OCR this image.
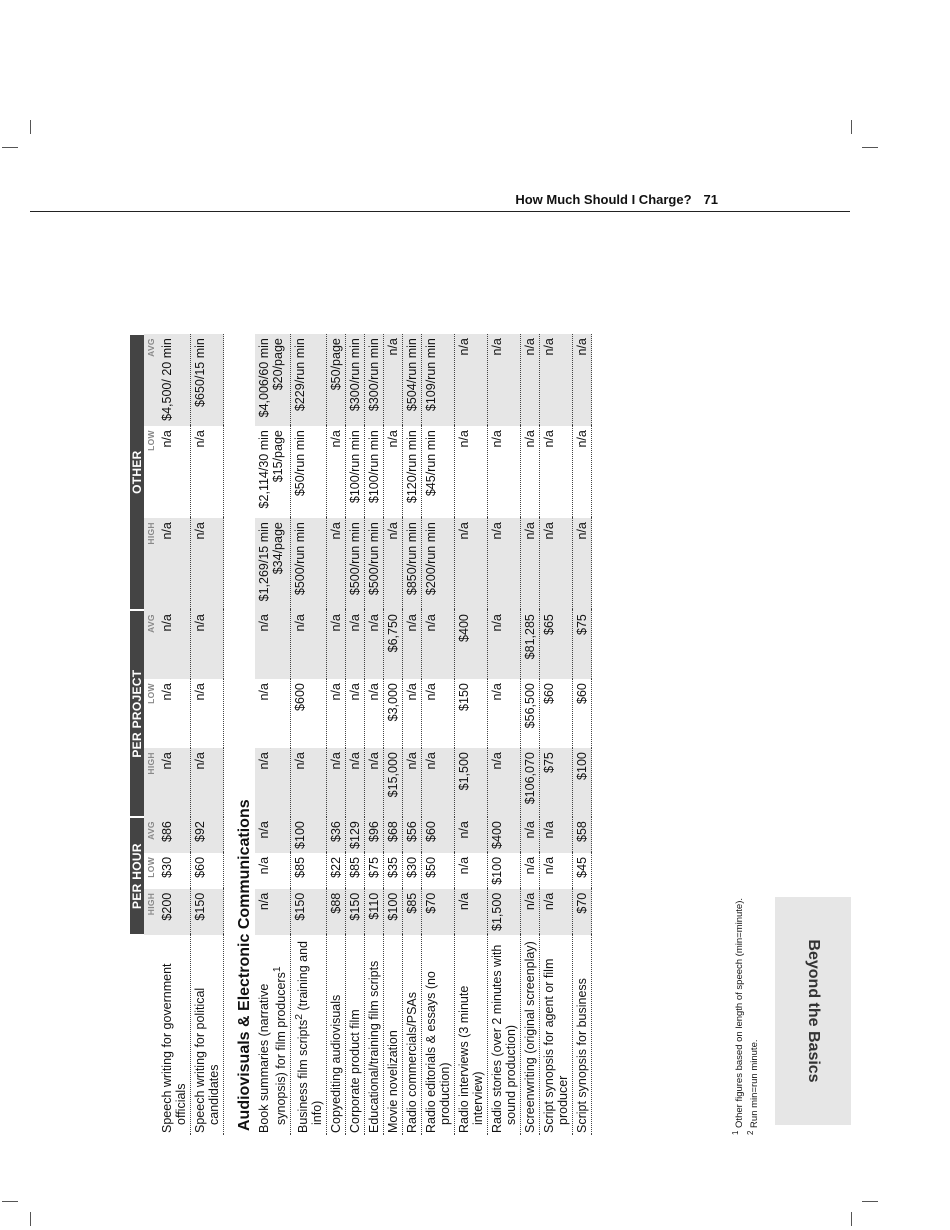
How Much Should I Charge? 71
Beyond the Basics
	PER HOUR			PER PROJECT			OTHER		
	HIGH	LOW	AVG	HIGH	LOW	AVG	HIGH	LOW	AVG
Speech writing for government officials	$200	$30	$86	n/a	n/a	n/a	n/a	n/a	$4,500/ 20 min
Speech writing for political candidates	$150	$60	$92	n/a	n/a	n/a	n/a	n/a	$650/15 min
Audiovisuals & Electronic Communications									
Book summaries (narrative synopsis) for film producers$^1$	n/a	n/a	n/a	n/a	n/a	n/a	$1,269/15 min $34/page	$2,114/30 min $15/page	$4,006/60 min $20/page
Business film scripts$^2$ (training and info)	$150	$85	$100	n/a	$600	n/a	$500/run min	$50/run min	$229/run min
Copyediting audiovisuals	$88	$22	$36	n/a	n/a	n/a	n/a	n/a	$50/page
Corporate product film	$150	$85	$129	n/a	n/a	n/a	$500/run min	$100/run min	$300/run min
Educational/training film scripts	$110	$75	$96	n/a	n/a	n/a	$500/run min	$100/run min	$300/run min
Movie novelization	$100	$35	$68	$15,000	$3,000	$6,750	n/a	n/a	n/a
Radio commercials/PSAs	$85	$30	$56	n/a	n/a	n/a	$850/run min	$120/run min	$504/run min
Radio editorials & essays (no production)	$70	$50	$60	n/a	n/a	n/a	$200/run min	$45/run min	$109/run min
Radio interviews (3 minute interview)	n/a	n/a	n/a	$1,500	$150	$400	n/a	n/a	n/a
Radio stories (over 2 minutes with sound production)	$1,500	$100	$400	n/a	n/a	n/a	n/a	n/a	n/a
Screenwriting (original screenplay)	n/a	n/a	n/a	$106,070	$56,500	$81,285	n/a	n/a	n/a
Script synopsis for agent or film producer	n/a	n/a	n/a	$75	$60	$65	n/a	n/a	n/a
Script synopsis for business	$70	$45	$58	$100	$60	$75	n/a	n/a	n/a
$^1$ Other figures based on length of speech (min=minute).
$^2$ Run min=run minute.
